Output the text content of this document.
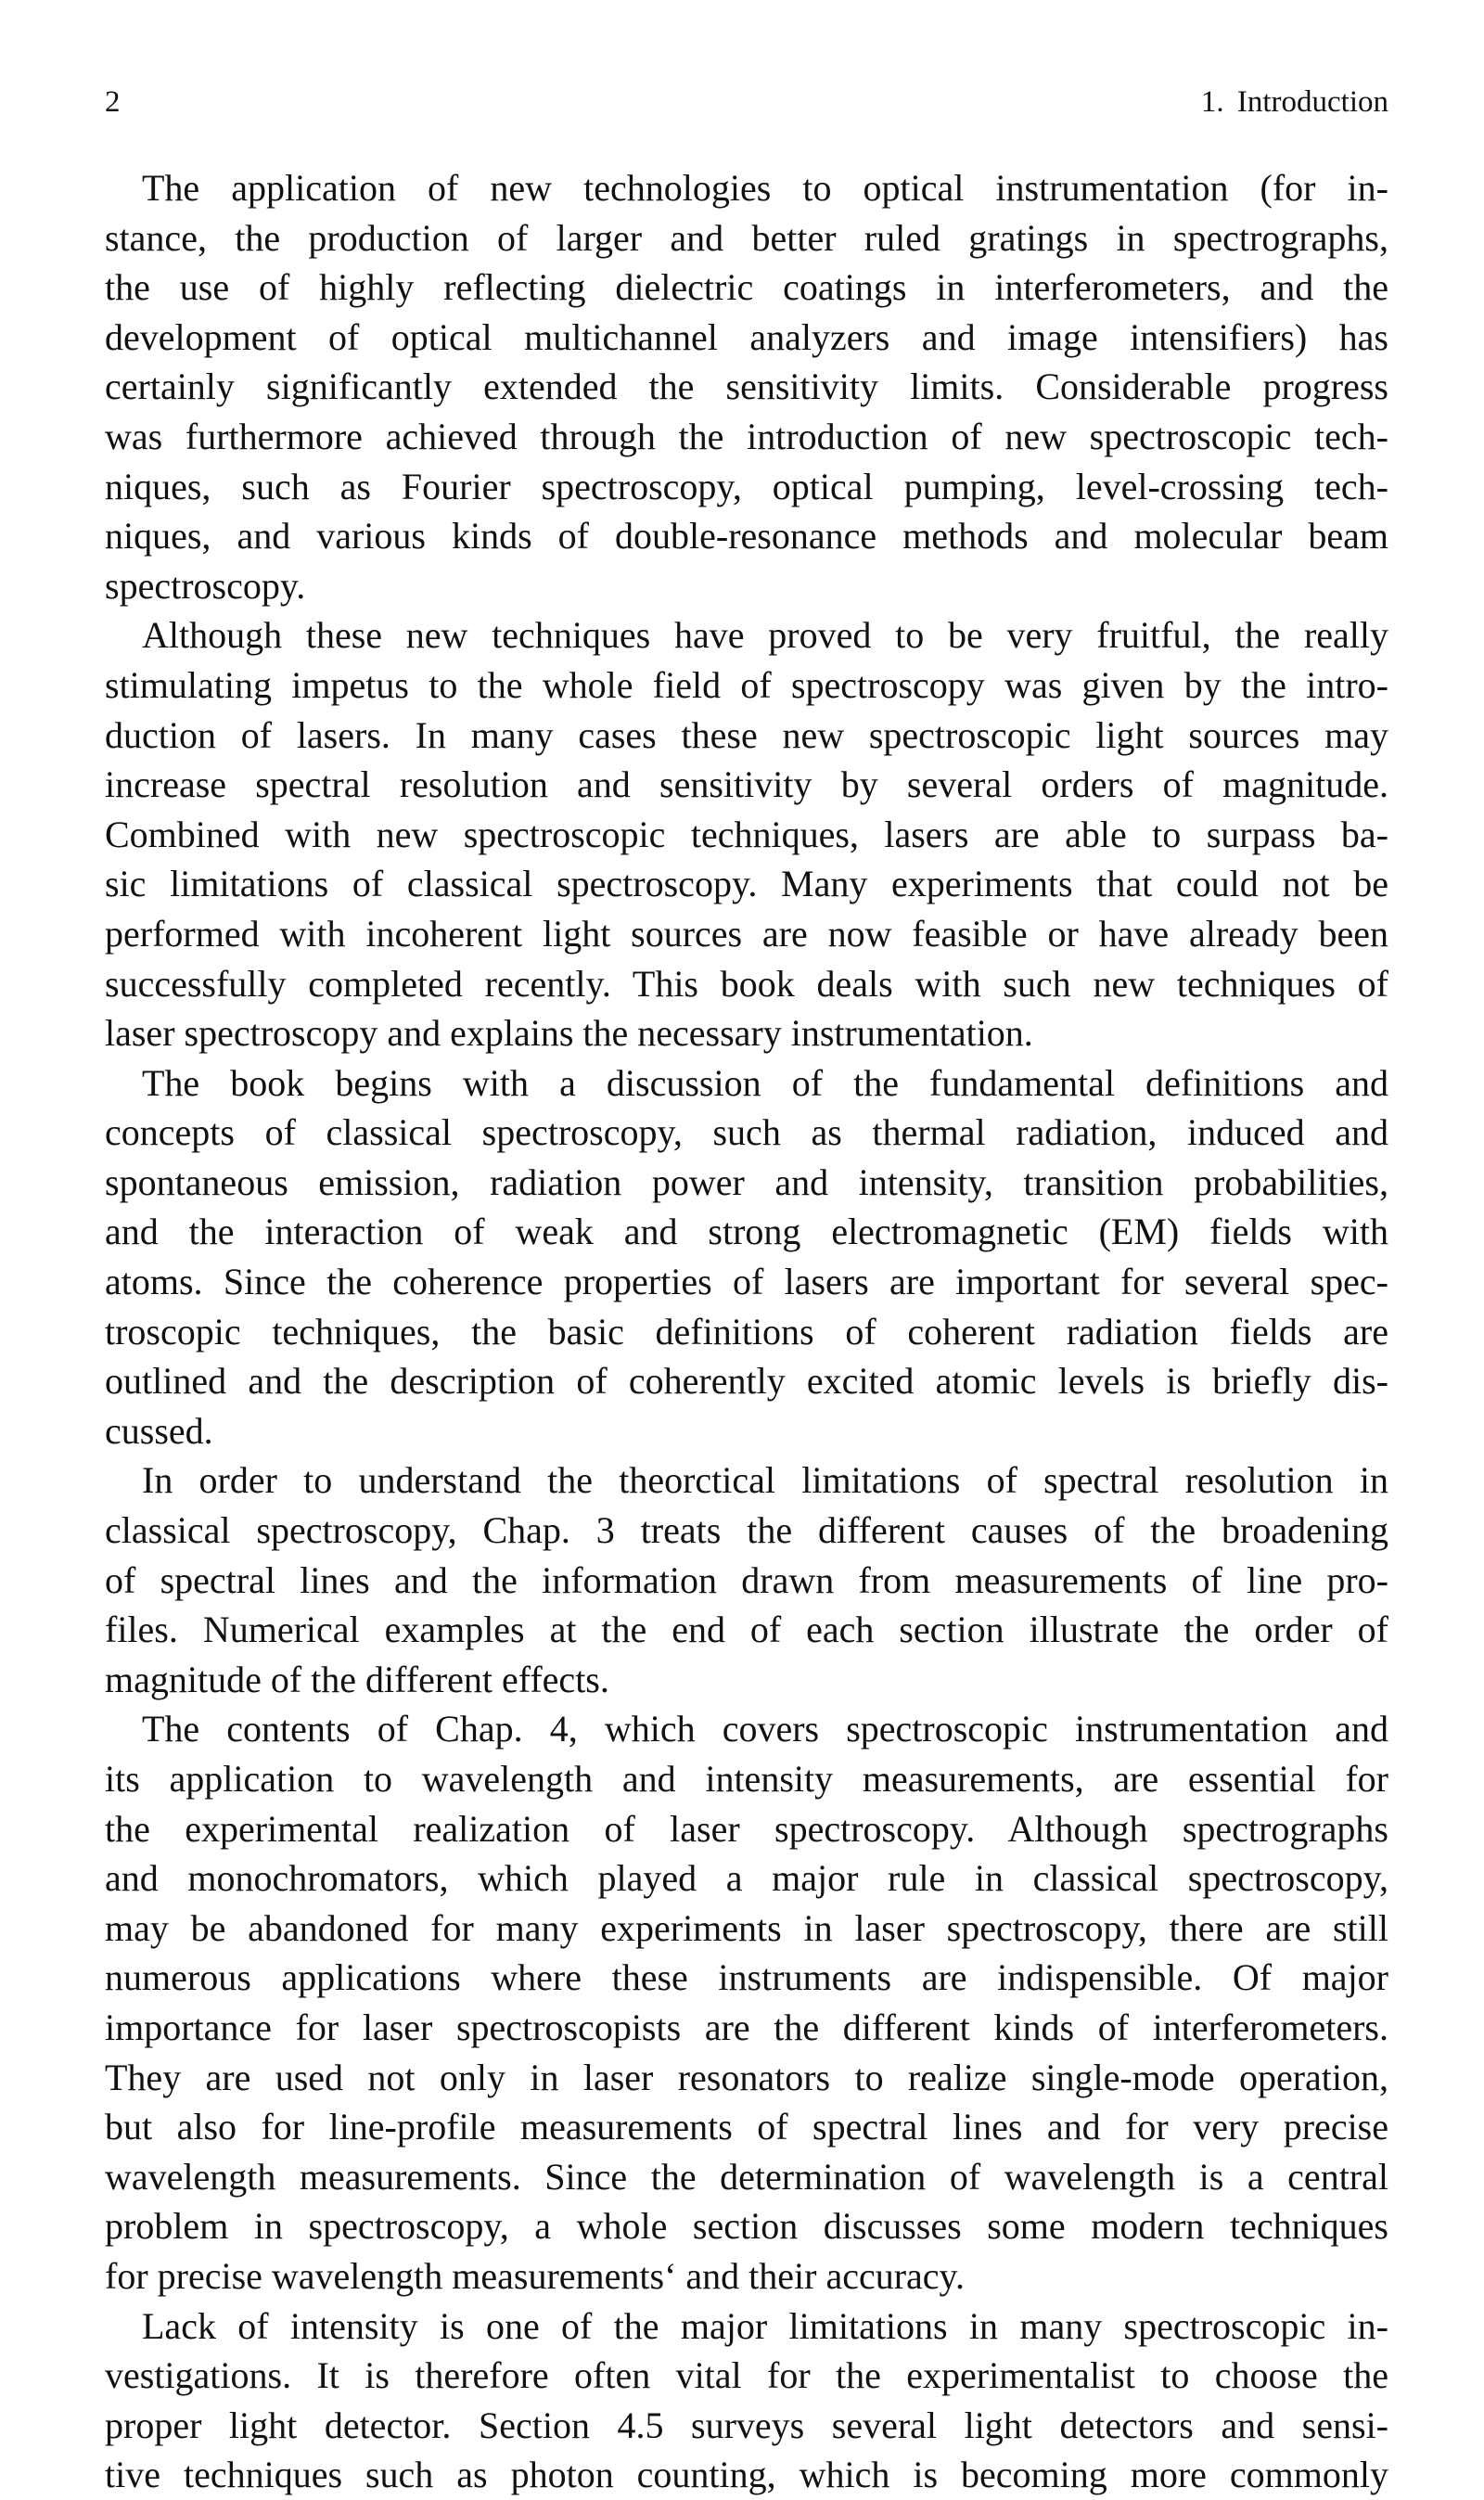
2	1. Introduction
The application of new technologies to optical instrumentation (for in-
stance, the production of larger and better ruled gratings in spectrographs,
the use of highly reflecting dielectric coatings in interferometers, and the
development of optical multichannel analyzers and image intensifiers) has
certainly significantly extended the sensitivity limits. Considerable progress
was furthermore achieved through the introduction of new spectroscopic tech-
niques, such as Fourier spectroscopy, optical pumping, level-crossing tech-
niques, and various kinds of double-resonance methods and molecular beam
spectroscopy.
Although these new techniques have proved to be very fruitful, the really
stimulating impetus to the whole field of spectroscopy was given by the intro-
duction of lasers. In many cases these new spectroscopic light sources may
increase spectral resolution and sensitivity by several orders of magnitude.
Combined with new spectroscopic techniques, lasers are able to surpass ba-
sic limitations of classical spectroscopy. Many experiments that could not be
performed with incoherent light sources are now feasible or have already been
successfully completed recently. This book deals with such new techniques of
laser spectroscopy and explains the necessary instrumentation.
The book begins with a discussion of the fundamental definitions and
concepts of classical spectroscopy, such as thermal radiation, induced and
spontaneous emission, radiation power and intensity, transition probabilities,
and the interaction of weak and strong electromagnetic (EM) fields with
atoms. Since the coherence properties of lasers are important for several spec-
troscopic techniques, the basic definitions of coherent radiation fields are
outlined and the description of coherently excited atomic levels is briefly dis-
cussed.
In order to understand the theorctical limitations of spectral resolution in
classical spectroscopy, Chap. 3 treats the different causes of the broadening
of spectral lines and the information drawn from measurements of line pro-
files. Numerical examples at the end of each section illustrate the order of
magnitude of the different effects.
The contents of Chap. 4, which covers spectroscopic instrumentation and
its application to wavelength and intensity measurements, are essential for
the experimental realization of laser spectroscopy. Although spectrographs
and monochromators, which played a major rule in classical spectroscopy,
may be abandoned for many experiments in laser spectroscopy, there are still
numerous applications where these instruments are indispensible. Of major
importance for laser spectroscopists are the different kinds of interferometers.
They are used not only in laser resonators to realize single-mode operation,
but also for line-profile measurements of spectral lines and for very precise
wavelength measurements. Since the determination of wavelength is a central
problem in spectroscopy, a whole section discusses some modern techniques
for precise wavelength measurementsʻ and their accuracy.
Lack of intensity is one of the major limitations in many spectroscopic in-
vestigations. It is therefore often vital for the experimentalist to choose the
proper light detector. Section 4.5 surveys several light detectors and sensi-
tive techniques such as photon counting, which is becoming more commonly
